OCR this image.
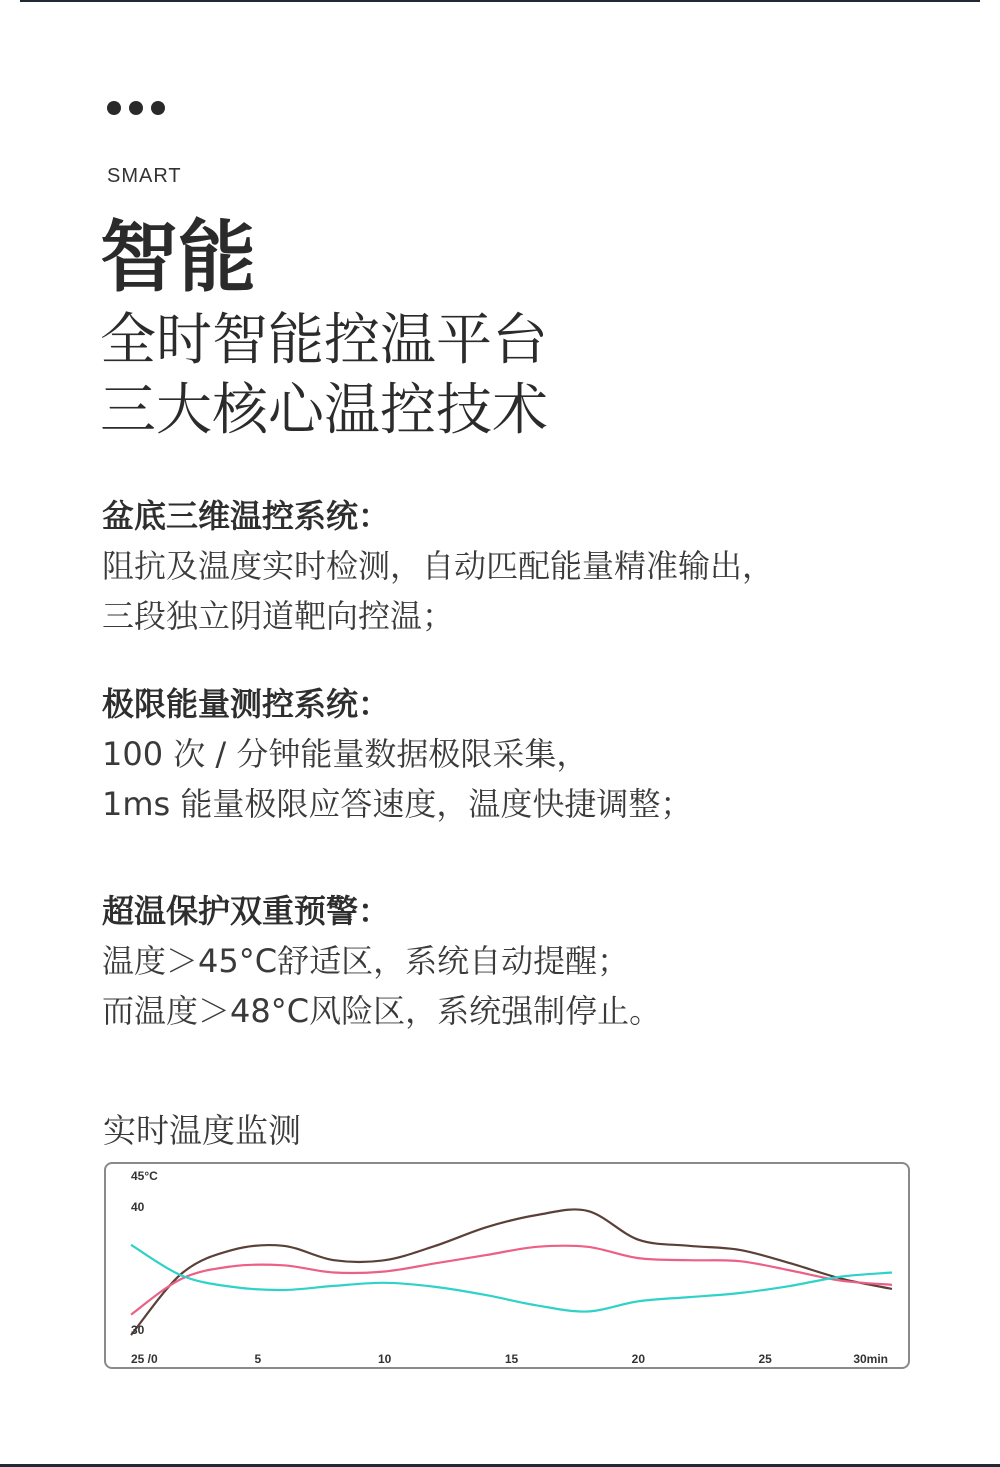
SMART
智能
全时智能控温平台
三大核心温控技术
盆底三维温控系统：
阻抗及温度实时检测，自动匹配能量精准输出，
三段独立阴道靶向控温；
极限能量测控系统：
100 次 / 分钟能量数据极限采集，
1ms 能量极限应答速度，温度快捷调整；
超温保护双重预警：
温度＞45°C舒适区，系统自动提醒；
而温度＞48°C风险区，系统强制停止。
实时温度监测
45°C
40
30
25 /0	5	10	15	20	25	30min
